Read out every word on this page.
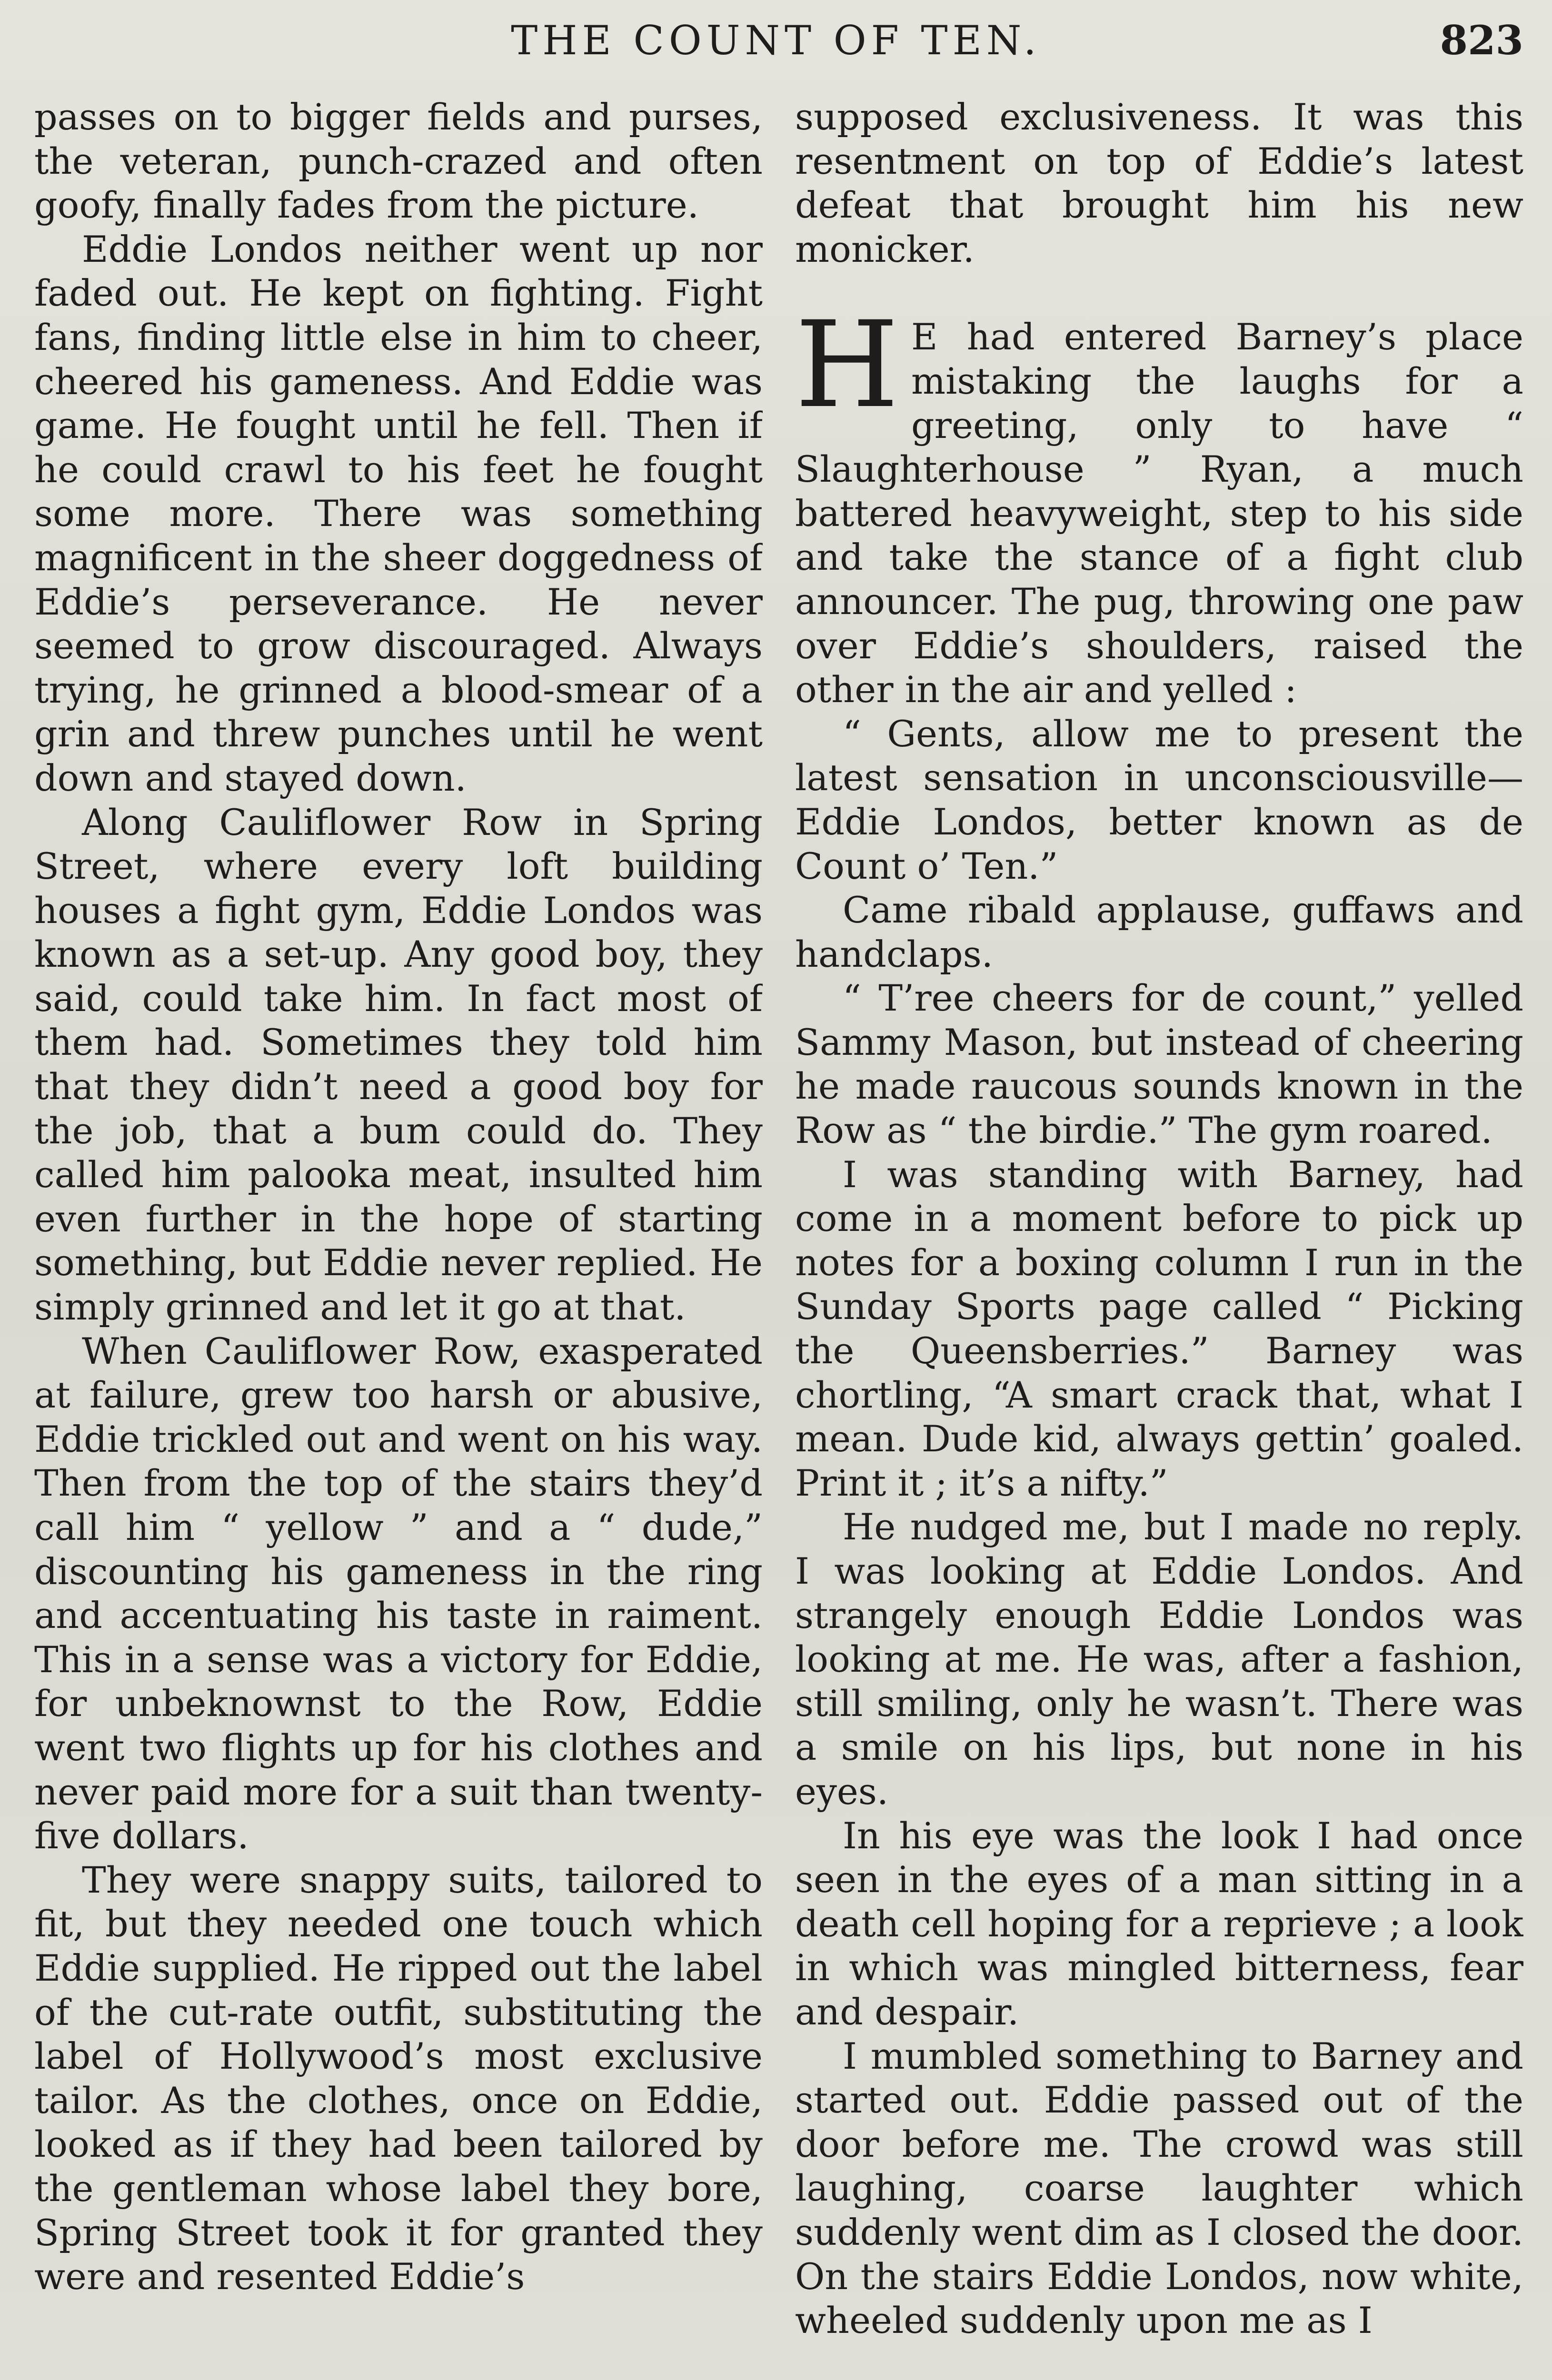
THE COUNT OF TEN.	823

passes on to bigger fields and purses, the veteran, punch-crazed and often goofy, finally fades from the picture.

Eddie Londos neither went up nor faded out. He kept on fighting. Fight fans, finding little else in him to cheer, cheered his gameness. And Eddie was game. He fought until he fell. Then if he could crawl to his feet he fought some more. There was something magnificent in the sheer doggedness of Eddie’s perseverance. He never seemed to grow discouraged. Always trying, he grinned a blood-smear of a grin and threw punches until he went down and stayed down.

Along Cauliflower Row in Spring Street, where every loft building houses a fight gym, Eddie Londos was known as a set-up. Any good boy, they said, could take him. In fact most of them had. Sometimes they told him that they didn’t need a good boy for the job, that a bum could do. They called him palooka meat, insulted him even further in the hope of starting something, but Eddie never replied. He simply grinned and let it go at that.

When Cauliflower Row, exasperated at failure, grew too harsh or abusive, Eddie trickled out and went on his way. Then from the top of the stairs they’d call him “ yellow ” and a “ dude,” discounting his gameness in the ring and accentuating his taste in raiment. This in a sense was a victory for Eddie, for unbeknownst to the Row, Eddie went two flights up for his clothes and never paid more for a suit than twenty-five dollars.

They were snappy suits, tailored to fit, but they needed one touch which Eddie supplied. He ripped out the label of the cut-rate outfit, substituting the label of Hollywood’s most exclusive tailor. As the clothes, once on Eddie, looked as if they had been tailored by the gentleman whose label they bore, Spring Street took it for granted they were and resented Eddie’s

supposed exclusiveness. It was this resentment on top of Eddie’s latest defeat that brought him his new monicker.

H E had entered Barney’s place mistaking the laughs for a greeting, only to have “ Slaughterhouse ” Ryan, a much battered heavyweight, step to his side and take the stance of a fight club announcer. The pug, throwing one paw over Eddie’s shoulders, raised the other in the air and yelled :

“ Gents, allow me to present the latest sensation in unconsciousville—Eddie Londos, better known as de Count o’ Ten.”

Came ribald applause, guffaws and handclaps.

“ T’ree cheers for de count,” yelled Sammy Mason, but instead of cheering he made raucous sounds known in the Row as “ the birdie.” The gym roared.

I was standing with Barney, had come in a moment before to pick up notes for a boxing column I run in the Sunday Sports page called “ Picking the Queensberries.” Barney was chortling, “A smart crack that, what I mean. Dude kid, always gettin’ goaled. Print it ; it’s a nifty.”

He nudged me, but I made no reply. I was looking at Eddie Londos. And strangely enough Eddie Londos was looking at me. He was, after a fashion, still smiling, only he wasn’t. There was a smile on his lips, but none in his eyes.

In his eye was the look I had once seen in the eyes of a man sitting in a death cell hoping for a reprieve ; a look in which was mingled bitterness, fear and despair.

I mumbled something to Barney and started out. Eddie passed out of the door before me. The crowd was still laughing, coarse laughter which suddenly went dim as I closed the door. On the stairs Eddie Londos, now white, wheeled suddenly upon me as I
